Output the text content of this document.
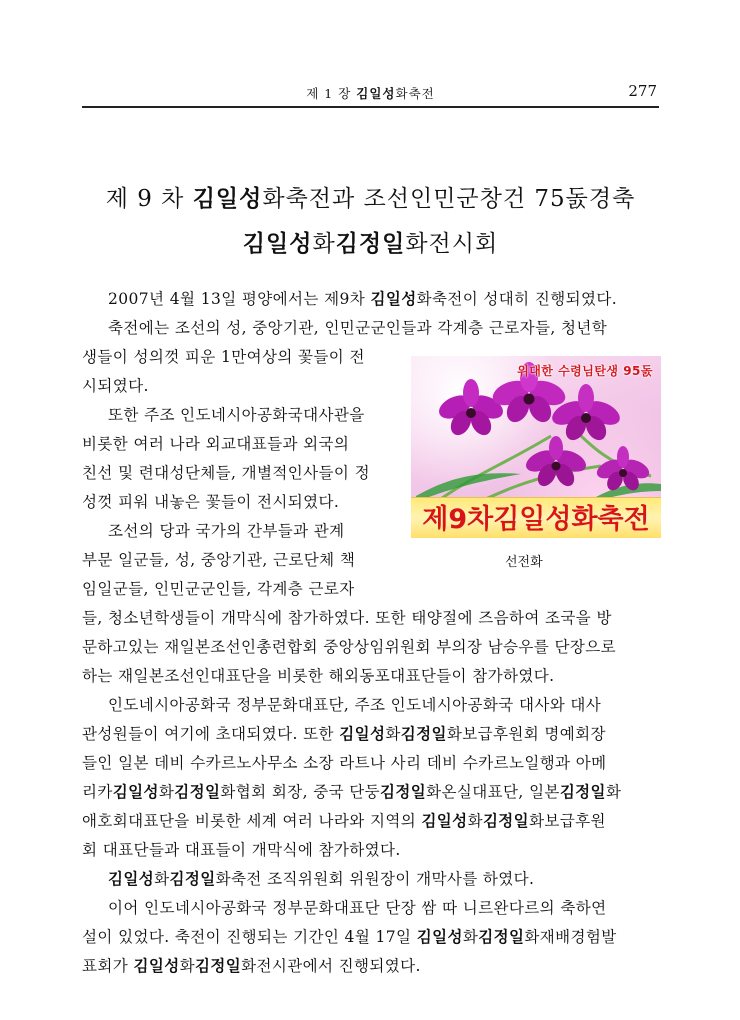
제 1 장 김일성화축전	277
제 9 차 김일성화축전과 조선인민군창건 75돐경축
김일성화김정일화전시회
위대한 수령님탄생 95돐
제9차김일성화축전
선전화
2007년 4월 13일 평양에서는 제9차 김일성화축전이 성대히 진행되였다.
축전에는 조선의 성, 중앙기관, 인민군군인들과 각계층 근로자들, 청년학
생들이 성의껏 피운 1만여상의 꽃들이 전
시되였다.
또한 주조 인도네시아공화국대사관을
비롯한 여러 나라 외교대표들과 외국의
친선 및 련대성단체들, 개별적인사들이 정
성껏 피워 내놓은 꽃들이 전시되였다.
조선의 당과 국가의 간부들과 관계
부문 일군들, 성, 중앙기관, 근로단체 책
임일군들, 인민군군인들, 각계층 근로자
들, 청소년학생들이 개막식에 참가하였다. 또한 태양절에 즈음하여 조국을 방
문하고있는 재일본조선인총련합회 중앙상임위원회 부의장 남승우를 단장으로
하는 재일본조선인대표단을 비롯한 해외동포대표단들이 참가하였다.
인도네시아공화국 정부문화대표단, 주조 인도네시아공화국 대사와 대사
관성원들이 여기에 초대되였다. 또한 김일성화김정일화보급후원회 명예회장
들인 일본 데비 수카르노사무소 소장 라트나 사리 데비 수카르노일행과 아메
리카김일성화김정일화협회 회장, 중국 단둥김정일화온실대표단, 일본김정일화
애호회대표단을 비롯한 세계 여러 나라와 지역의 김일성화김정일화보급후원
회 대표단들과 대표들이 개막식에 참가하였다.
김일성화김정일화축전 조직위원회 위원장이 개막사를 하였다.
이어 인도네시아공화국 정부문화대표단 단장 쌈 따 니르완다르의 축하연
설이 있었다. 축전이 진행되는 기간인 4월 17일 김일성화김정일화재배경험발
표회가 김일성화김정일화전시관에서 진행되였다.
